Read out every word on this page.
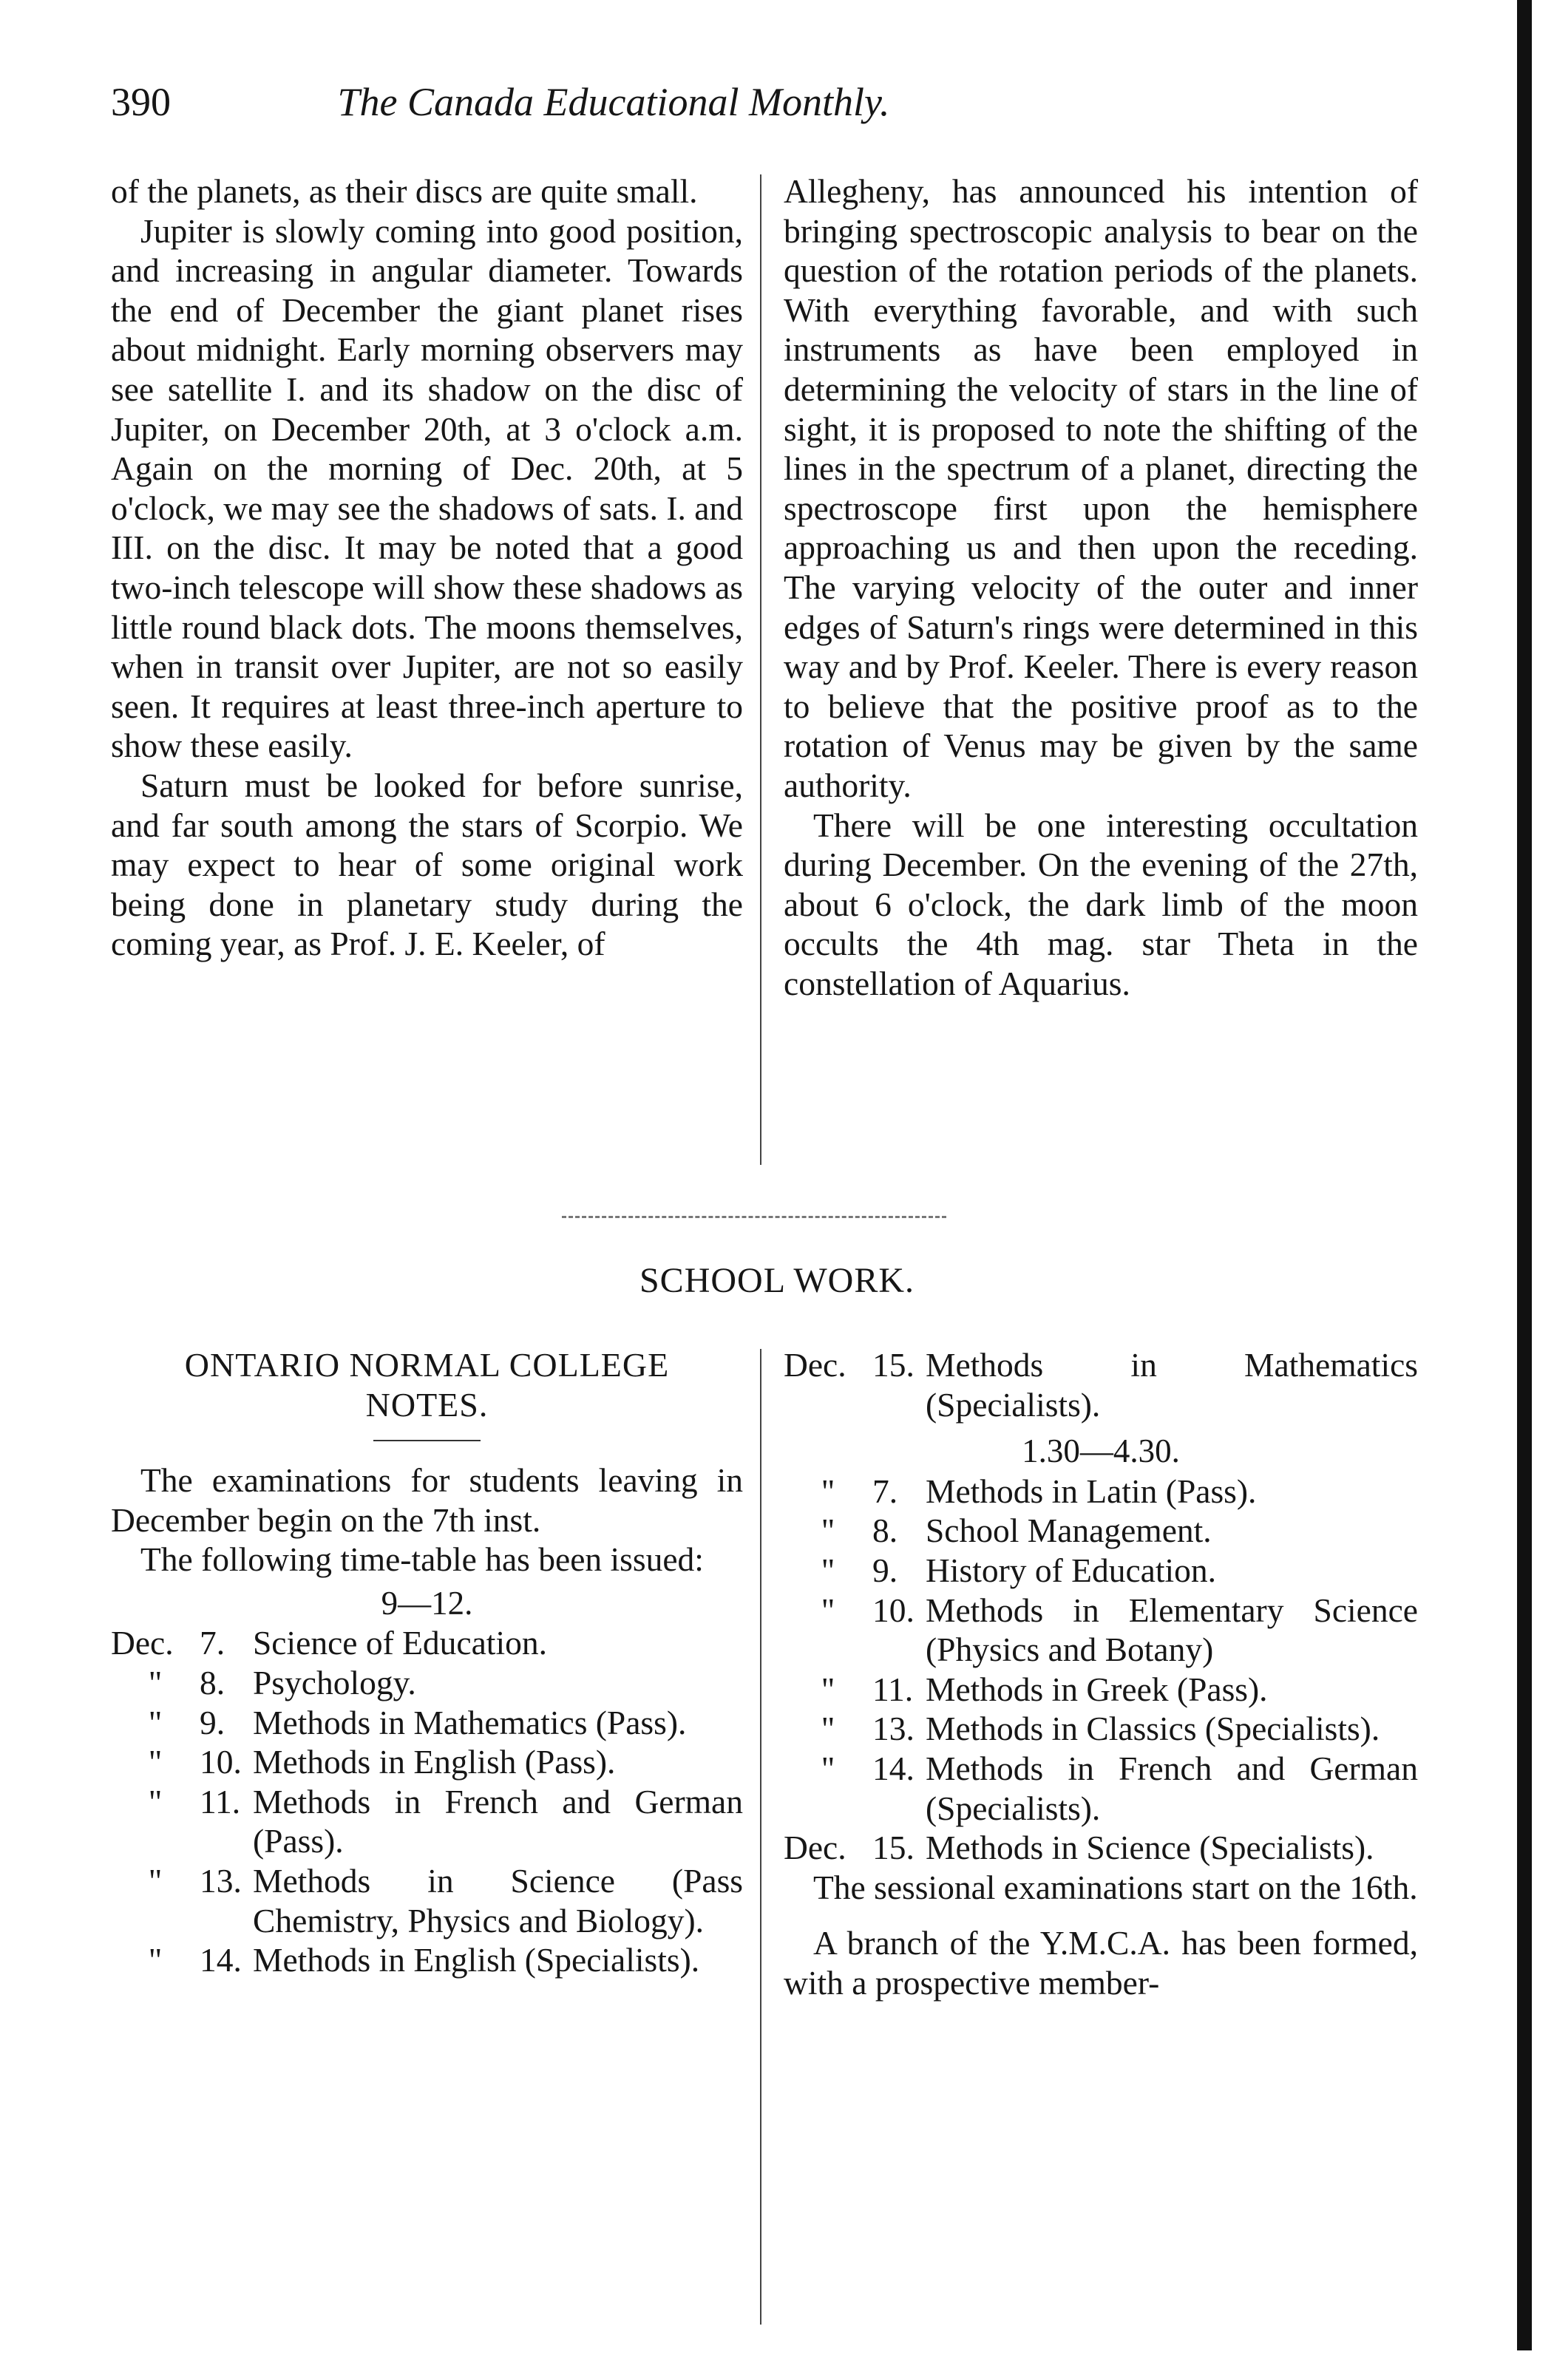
390	The Canada Educational Monthly.

of the planets, as their discs are quite small.

Jupiter is slowly coming into good position, and increasing in angular diameter. Towards the end of December the giant planet rises about midnight. Early morning observers may see satellite I. and its shadow on the disc of Jupiter, on December 20th, at 3 o'clock a.m. Again on the morning of Dec. 20th, at 5 o'clock, we may see the shadows of sats. I. and III. on the disc. It may be noted that a good two-inch telescope will show these shadows as little round black dots. The moons themselves, when in transit over Jupiter, are not so easily seen. It requires at least three-inch aperture to show these easily.

Saturn must be looked for before sunrise, and far south among the stars of Scorpio. We may expect to hear of some original work being done in planetary study during the coming year, as Prof. J. E. Keeler, of

Allegheny, has announced his intention of bringing spectroscopic analysis to bear on the question of the rotation periods of the planets. With everything favorable, and with such instruments as have been employed in determining the velocity of stars in the line of sight, it is proposed to note the shifting of the lines in the spectrum of a planet, directing the spectroscope first upon the hemisphere approaching us and then upon the receding. The varying velocity of the outer and inner edges of Saturn's rings were determined in this way and by Prof. Keeler. There is every reason to believe that the positive proof as to the rotation of Venus may be given by the same authority.

There will be one interesting occultation during December. On the evening of the 27th, about 6 o'clock, the dark limb of the moon occults the 4th mag. star Theta in the constellation of Aquarius.

SCHOOL WORK.
ONTARIO NORMAL COLLEGE
NOTES.

The examinations for students leaving in December begin on the 7th inst.

The following time-table has been issued:

9—12.
Dec.	7.	Science of Education.
"	8.	Psychology.
"	9.	Methods in Mathematics (Pass).
"	10.	Methods in English (Pass).
"	11.	Methods in French and German (Pass).
"	13.	Methods in Science (Pass Chemistry, Physics and Biology).
"	14.	Methods in English (Specialists).
Dec.	15.	Methods in Mathematics (Specialists).
1.30—4.30.
"	7.	Methods in Latin (Pass).
"	8.	School Management.
"	9.	History of Education.
"	10.	Methods in Elementary Science (Physics and Botany)
"	11.	Methods in Greek (Pass).
"	13.	Methods in Classics (Specialists).
"	14.	Methods in French and German (Specialists).
Dec.	15.	Methods in Science (Specialists).

The sessional examinations start on the 16th.

A branch of the Y.M.C.A. has been formed, with a prospective member-
